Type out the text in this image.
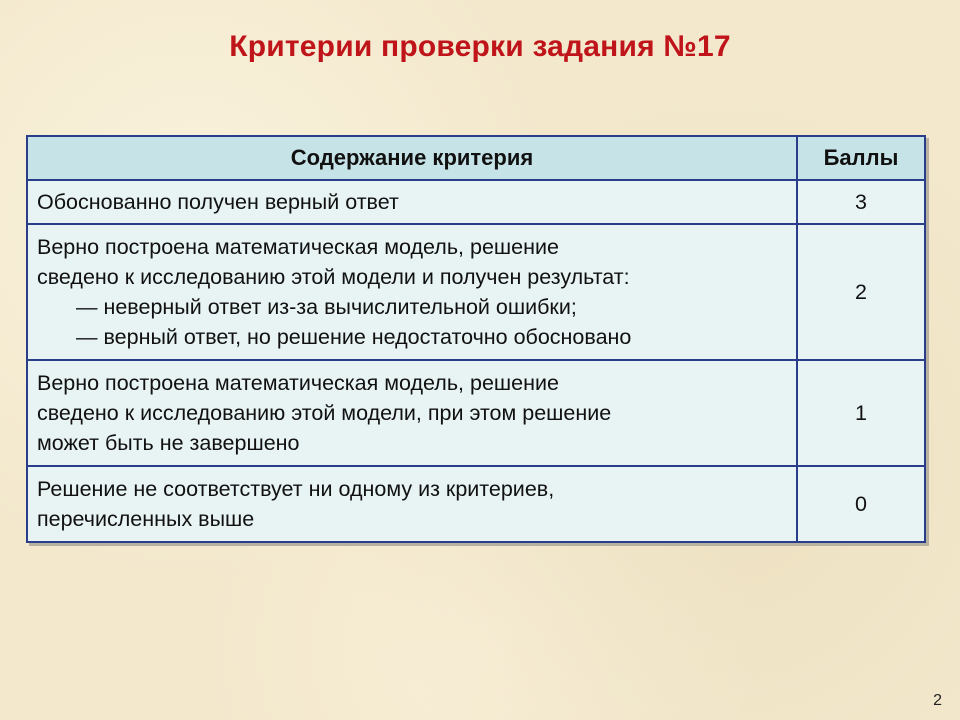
Критерии проверки задания №17
Содержание критерия	Баллы

Обоснованно получен верный ответ	3

Верно построена математическая модель, решение
сведено к исследованию этой модели и получен результат:
— неверный ответ из-за вычислительной ошибки;
— верный ответ, но решение недостаточно обосновано	2

Верно построена математическая модель, решение
сведено к исследованию этой модели, при этом решение
может быть не завершено	1

Решение не соответствует ни одному из критериев,
перечисленных выше	0
2
